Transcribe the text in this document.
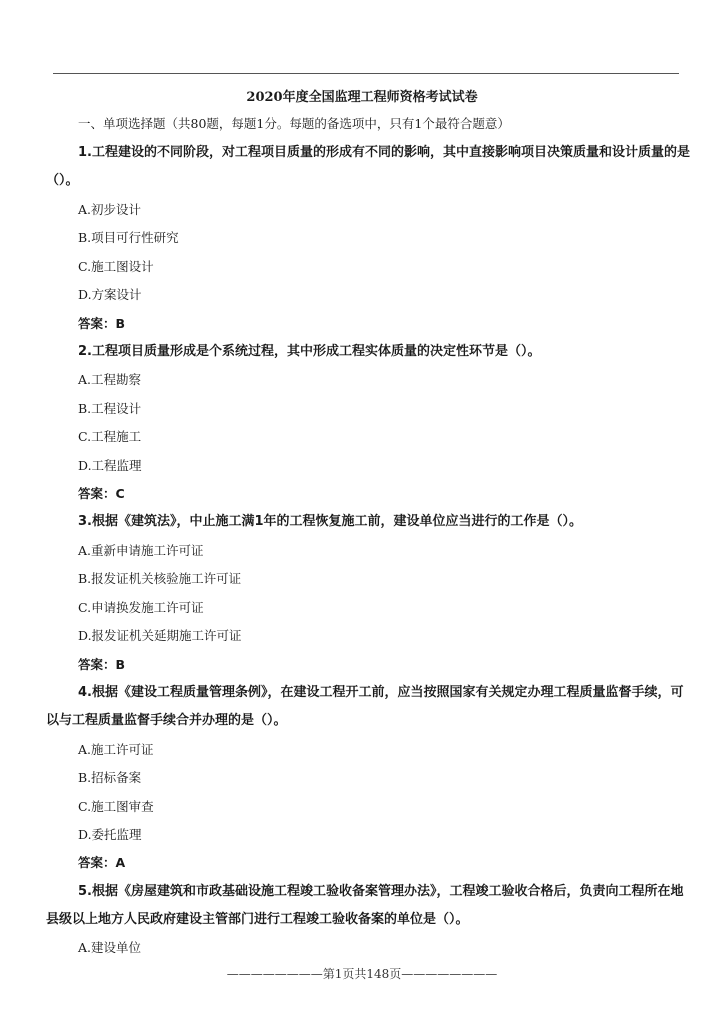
2020年度全国监理工程师资格考试试卷
一、单项选择题（共80题，每题1分。每题的备选项中，只有1个最符合题意）
1.工程建设的不同阶段，对工程项目质量的形成有不同的影响，其中直接影响项目决策质量和设计质量的是
（）。
A.初步设计
B.项目可行性研究
C.施工图设计
D.方案设计
答案：B
2.工程项目质量形成是个系统过程，其中形成工程实体质量的决定性环节是（）。
A.工程勘察
B.工程设计
C.工程施工
D.工程监理
答案：C
3.根据《建筑法》，中止施工满1年的工程恢复施工前，建设单位应当进行的工作是（）。
A.重新申请施工许可证
B.报发证机关核验施工许可证
C.申请换发施工许可证
D.报发证机关延期施工许可证
答案：B
4.根据《建设工程质量管理条例》，在建设工程开工前，应当按照国家有关规定办理工程质量监督手续，可
以与工程质量监督手续合并办理的是（）。
A.施工许可证
B.招标备案
C.施工图审查
D.委托监理
答案：A
5.根据《房屋建筑和市政基础设施工程竣工验收备案管理办法》，工程竣工验收合格后，负责向工程所在地
县级以上地方人民政府建设主管部门进行工程竣工验收备案的单位是（）。
A.建设单位
————————第1页共148页————————
